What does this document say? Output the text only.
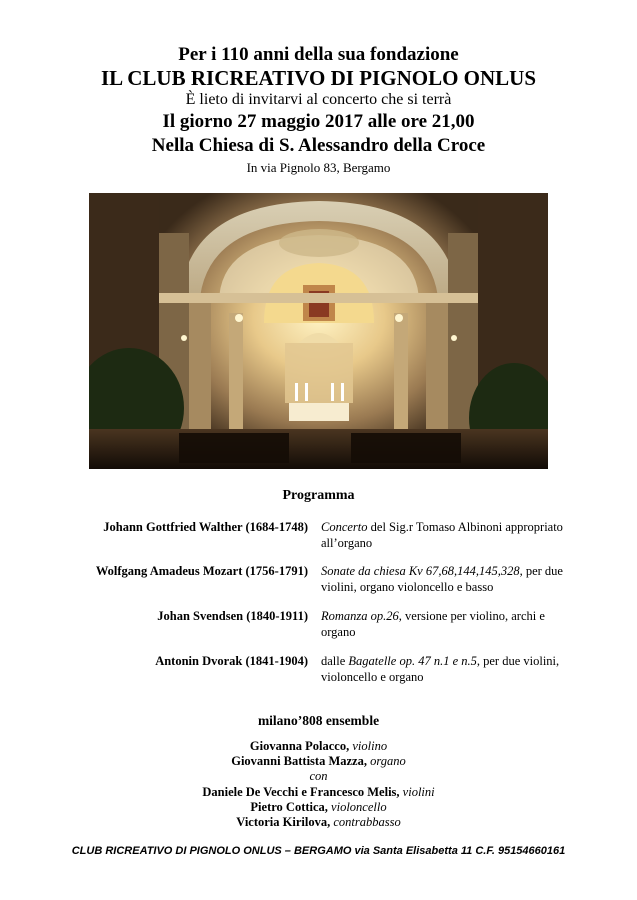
Per i 110 anni della sua fondazione
IL CLUB RICREATIVO DI PIGNOLO ONLUS
È lieto di invitarvi al concerto che si terrà
Il giorno 27 maggio 2017 alle ore 21,00
Nella Chiesa di S. Alessandro della Croce
In via Pignolo 83, Bergamo
Programma
Johann Gottfried Walther (1684-1748) Concerto del Sig.r Tomaso Albinoni appropriato all’organo
Wolfgang Amadeus Mozart (1756-1791) Sonate da chiesa Kv 67,68,144,145,328, per due violini, organo violoncello e basso
Johan Svendsen (1840-1911) Romanza op.26, versione per violino, archi e organo
Antonin Dvorak (1841-1904) dalle Bagatelle op. 47 n.1 e n.5, per due violini, violoncello e organo
milano’808 ensemble
Giovanna Polacco, violino
Giovanni Battista Mazza, organo
con
Daniele De Vecchi e Francesco Melis, violini
Pietro Cottica, violoncello
Victoria Kirilova, contrabbasso
CLUB RICREATIVO DI PIGNOLO ONLUS – BERGAMO via Santa Elisabetta 11 C.F. 95154660161
